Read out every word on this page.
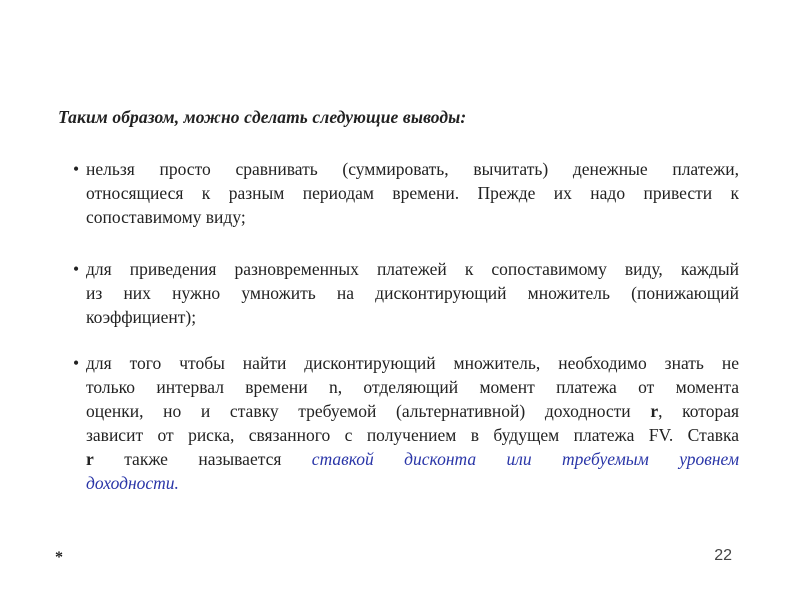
Таким образом, можно сделать следующие выводы:
• нельзя просто сравнивать (суммировать, вычитать) денежные платежи,
относящиеся к разным периодам времени. Прежде их надо привести к
сопоставимому виду;
• для приведения разновременных платежей к сопоставимому виду, каждый
из них нужно умножить на дисконтирующий множитель (понижающий
коэффициент);
• для того чтобы найти дисконтирующий множитель, необходимо знать не
только интервал времени n, отделяющий момент платежа от момента
оценки, но и ставку требуемой (альтернативной) доходности r, которая
зависит от риска, связанного с получением в будущем платежа FV. Ставка
r также называется ставкой дисконта или требуемым уровнем
доходности.
*	22
